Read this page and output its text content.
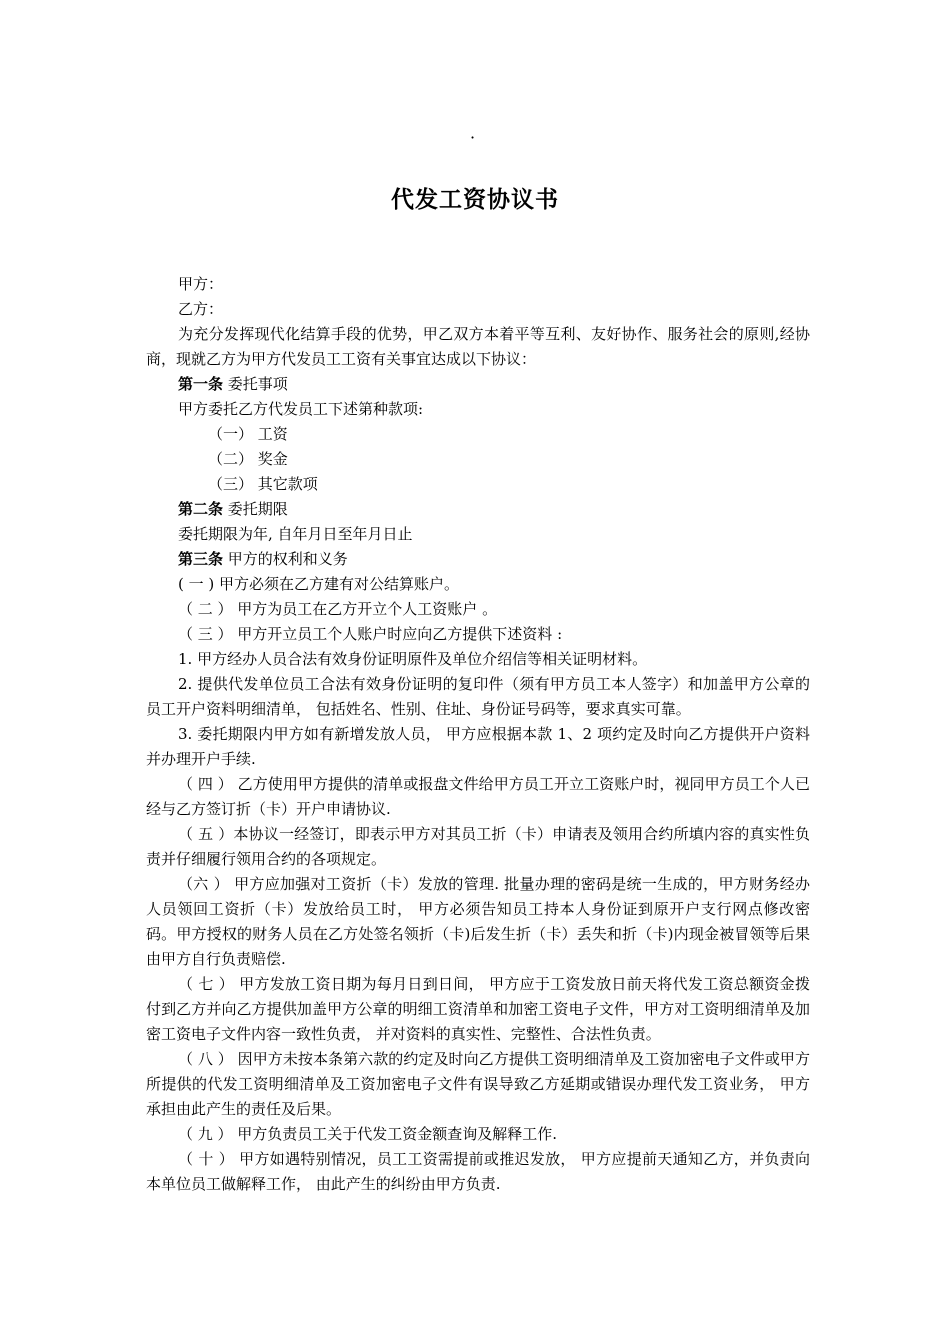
·
代发工资协议书

甲方：

乙方：

为充分发挥现代化结算手段的优势，甲乙双方本着平等互利、友好协作、服务社会的原则,经协商，现就乙方为甲方代发员工工资有关事宜达成以下协议：

第一条 委托事项

甲方委托乙方代发员工下述第种款项:

（一） 工资

（二） 奖金

（三） 其它款项

第二条 委托期限

委托期限为年, 自年月日至年月日止

第三条 甲方的权利和义务

( 一 ) 甲方必须在乙方建有对公结算账户。

（ 二 ） 甲方为员工在乙方开立个人工资账户 。

（ 三 ） 甲方开立员工个人账户时应向乙方提供下述资料 :

1. 甲方经办人员合法有效身份证明原件及单位介绍信等相关证明材料。

2. 提供代发单位员工合法有效身份证明的复印件（须有甲方员工本人签字）和加盖甲方公章的员工开户资料明细清单， 包括姓名、性别、住址、身份证号码等，要求真实可靠。

3. 委托期限内甲方如有新增发放人员， 甲方应根据本款 1、2 项约定及时向乙方提供开户资料并办理开户手续.

（ 四 ） 乙方使用甲方提供的清单或报盘文件给甲方员工开立工资账户时，视同甲方员工个人已经与乙方签订折（卡）开户申请协议.

（ 五 ）本协议一经签订，即表示甲方对其员工折（卡）申请表及领用合约所填内容的真实性负责并仔细履行领用合约的各项规定。

（六 ） 甲方应加强对工资折（卡）发放的管理. 批量办理的密码是统一生成的，甲方财务经办人员领回工资折（卡）发放给员工时， 甲方必须告知员工持本人身份证到原开户支行网点修改密码。甲方授权的财务人员在乙方处签名领折（卡)后发生折（卡）丢失和折（卡)内现金被冒领等后果由甲方自行负责赔偿.

（ 七 ） 甲方发放工资日期为每月日到日间， 甲方应于工资发放日前天将代发工资总额资金拨付到乙方并向乙方提供加盖甲方公章的明细工资清单和加密工资电子文件，甲方对工资明细清单及加密工资电子文件内容一致性负责， 并对资料的真实性、完整性、合法性负责。

（ 八 ） 因甲方未按本条第六款的约定及时向乙方提供工资明细清单及工资加密电子文件或甲方所提供的代发工资明细清单及工资加密电子文件有误导致乙方延期或错误办理代发工资业务， 甲方承担由此产生的责任及后果。

（ 九 ） 甲方负责员工关于代发工资金额查询及解释工作.

（ 十 ） 甲方如遇特别情况，员工工资需提前或推迟发放， 甲方应提前天通知乙方，并负责向本单位员工做解释工作， 由此产生的纠纷由甲方负责.
